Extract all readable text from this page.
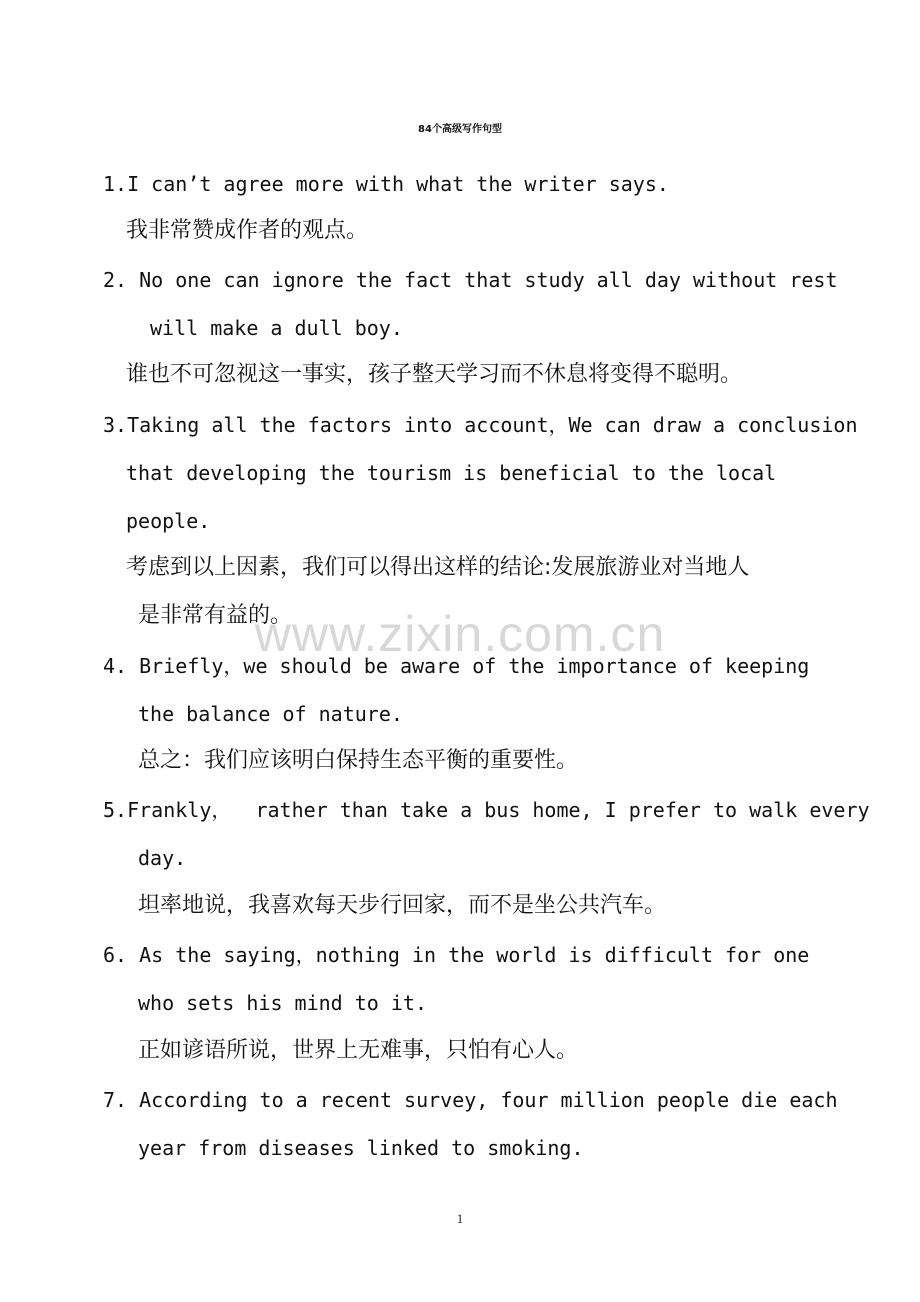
84个高级写作句型
1.I can’t agree more with what the writer says.
我非常赞成作者的观点。
2. No one can ignore the fact that study all day without rest
will make a dull boy.
谁也不可忽视这一事实，孩子整天学习而不休息将变得不聪明。
3.Taking all the factors into account，We can draw a conclusion
that developing the tourism is beneficial to the local
people.
考虑到以上因素，我们可以得出这样的结论:发展旅游业对当地人
是非常有益的。
4. Briefly，we should be aware of the importance of keeping
the balance of nature.
总之：我们应该明白保持生态平衡的重要性。
5.Frankly，  rather than take a bus home, I prefer to walk every
day.
坦率地说，我喜欢每天步行回家，而不是坐公共汽车。
6. As the saying，nothing in the world is difficult for one
who sets his mind to it.
正如谚语所说，世界上无难事，只怕有心人。
7. According to a recent survey, four million people die each
year from diseases linked to smoking.
www.zixin.com.cn
1
